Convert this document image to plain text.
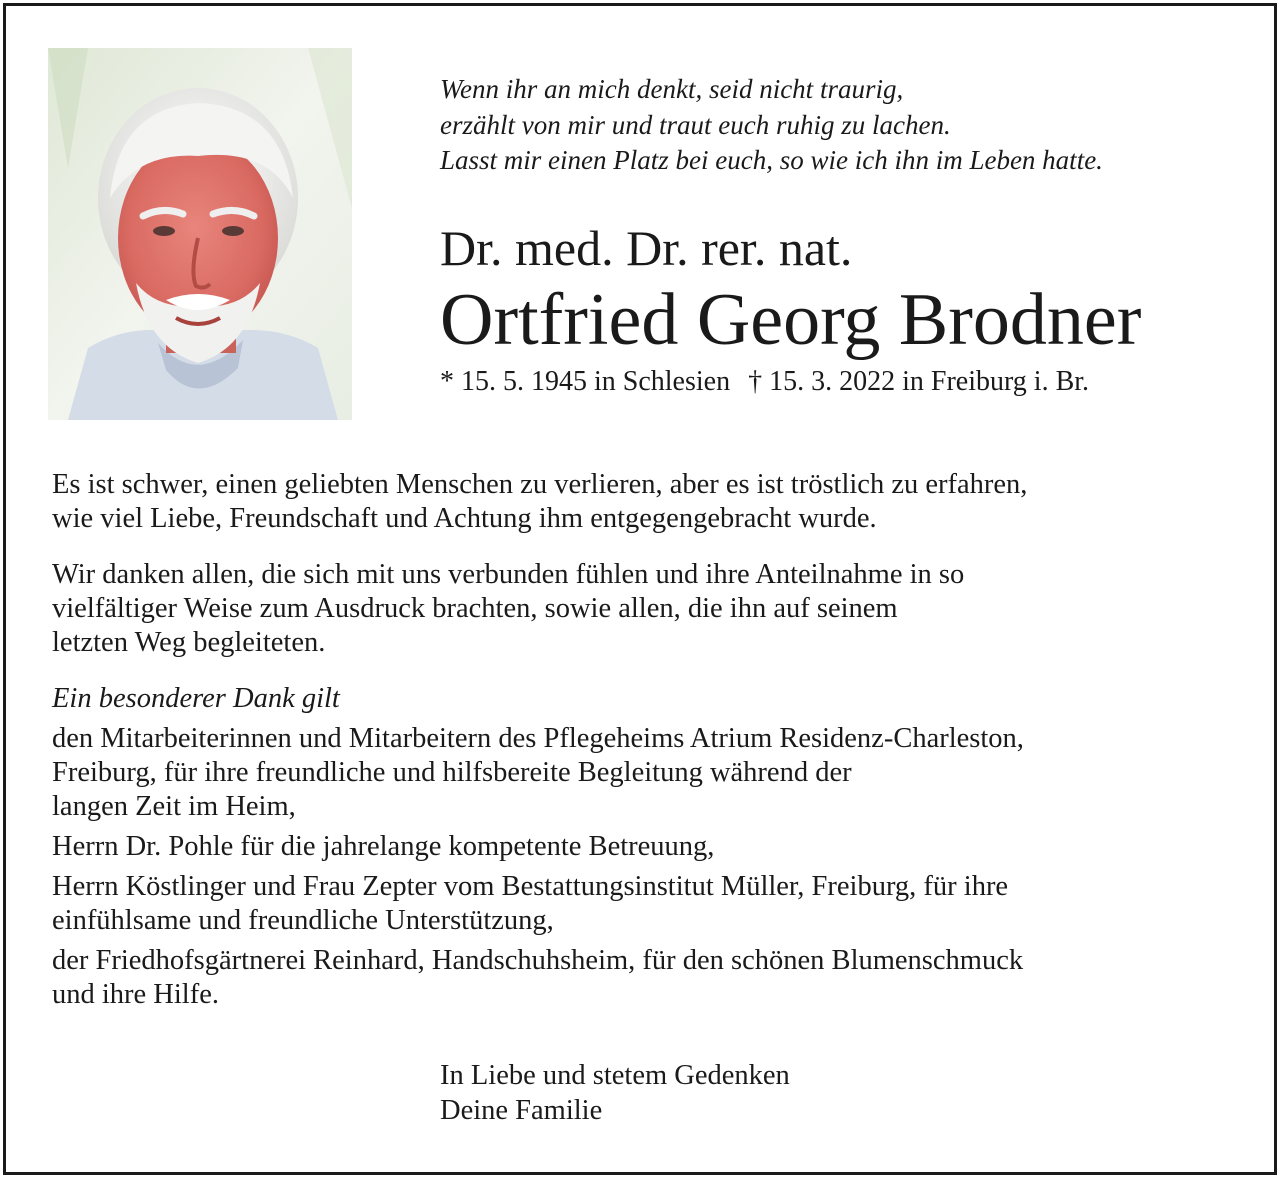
Wenn ihr an mich denkt, seid nicht traurig,
erzählt von mir und traut euch ruhig zu lachen.
Lasst mir einen Platz bei euch, so wie ich ihn im Leben hatte.
Dr. med. Dr. rer. nat.
Ortfried Georg Brodner
* 15. 5. 1945 in Schlesien † 15. 3. 2022 in Freiburg i. Br.
Es ist schwer, einen geliebten Menschen zu verlieren, aber es ist tröstlich zu erfahren,
wie viel Liebe, Freundschaft und Achtung ihm entgegengebracht wurde.
Wir danken allen, die sich mit uns verbunden fühlen und ihre Anteilnahme in so
vielfältiger Weise zum Ausdruck brachten, sowie allen, die ihn auf seinem
letzten Weg begleiteten.
Ein besonderer Dank gilt
den Mitarbeiterinnen und Mitarbeitern des Pflegeheims Atrium Residenz-Charleston,
Freiburg, für ihre freundliche und hilfsbereite Begleitung während der
langen Zeit im Heim,
Herrn Dr. Pohle für die jahrelange kompetente Betreuung,
Herrn Köstlinger und Frau Zepter vom Bestattungsinstitut Müller, Freiburg, für ihre
einfühlsame und freundliche Unterstützung,
der Friedhofsgärtnerei Reinhard, Handschuhsheim, für den schönen Blumenschmuck
und ihre Hilfe.
In Liebe und stetem Gedenken
Deine Familie
